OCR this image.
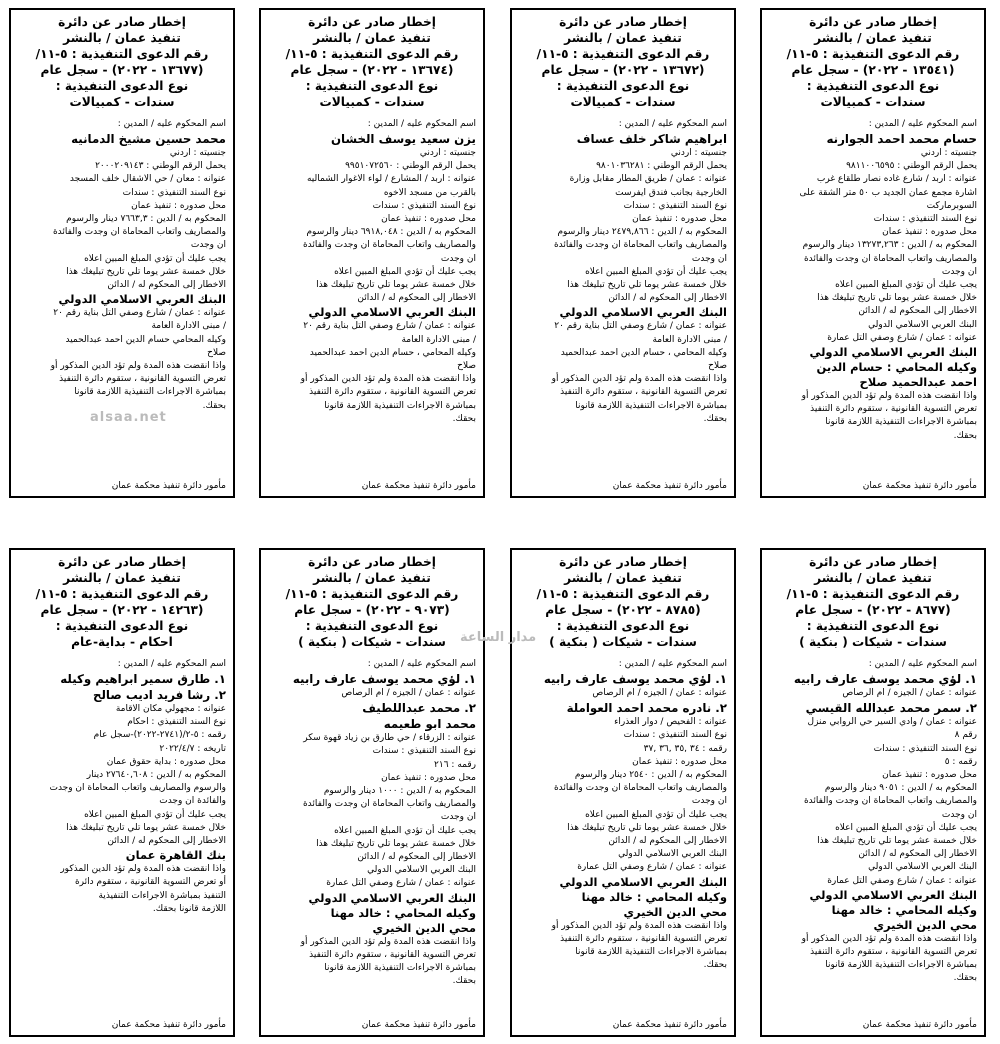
إخطار صادر عن دائرة
تنفيذ عمان / بالنشر
رقم الدعوى التنفيذية : ٥-١١/
(١٣٥٤١ - ٢٠٢٢) - سجل عام
نوع الدعوى التنفيذية :
سندات - كمبيالات
اسم المحكوم عليه / المدين :
حسام محمد احمد الجوارنه
جنسيته : اردني
يحمل الرقم الوطني : ٩٨١١٠٠٦٥٩٥
عنوانه : اربد / شارع غاده نصار طلقاع غرب
اشارة مجمع عمان الجديد ب ٥٠ متر الشقة على
السوبرماركت
نوع السند التنفيذي : سندات
محل صدوره : تنفيذ عمان
المحكوم به / الدين : ١٣٢٧٣,٢٦٣ دينار والرسوم
والمصاريف واتعاب المحاماة ان وجدت والفائدة
ان وجدت
يجب عليك أن تؤدي المبلغ المبين اعلاه
خلال خمسة عشر يوما تلي تاريخ تبليغك هذا
الاخطار إلى المحكوم له / الدائن
البنك العربي الاسلامي الدولي
عنوانه : عمان / شارع وصفي التل عمارة
البنك العربي الاسلامي الدولي
وكيله المحامي : حسام الدين
احمد عبدالحميد صلاح
واذا انقضت هذه المدة ولم تؤد الدين المذكور أو
تعرض التسوية القانونية ، ستقوم دائرة التنفيذ
بمباشرة الاجراءات التنفيذية اللازمة قانونا
بحقك.
مأمور دائرة تنفيذ محكمة عمان
إخطار صادر عن دائرة
تنفيذ عمان / بالنشر
رقم الدعوى التنفيذية : ٥-١١/
(١٣٦٧٢ - ٢٠٢٢) - سجل عام
نوع الدعوى التنفيذية :
سندات - كمبيالات
اسم المحكوم عليه / المدين :
ابراهيم شاكر خلف عساف
جنسيته : اردني
يحمل الرقم الوطني : ٩٨٠١٠٣٦٢٨١
عنوانه : عمان / طريق المطار مقابل وزارة
الخارجية بجانب فندق ايفرست
نوع السند التنفيذي : سندات
محل صدوره : تنفيذ عمان
المحكوم به / الدين : ٢٤٧٩,٨٦٦ دينار والرسوم
والمصاريف واتعاب المحاماة ان وجدت والفائدة
ان وجدت
يجب عليك أن تؤدي المبلغ المبين اعلاه
خلال خمسة عشر يوما تلي تاريخ تبليغك هذا
الاخطار إلى المحكوم له / الدائن
البنك العربي الاسلامي الدولي
عنوانه : عمان / شارع وصفي التل بناية رقم ٢٠
/ مبنى الادارة العامة
وكيله المحامي ، حسام الدين احمد عبدالحميد
صلاح
واذا انقضت هذه المدة ولم تؤد الدين المذكور أو
تعرض التسوية القانونية ، ستقوم دائرة التنفيذ
بمباشرة الاجراءات التنفيذية اللازمة قانونا
بحقك.
مأمور دائرة تنفيذ محكمة عمان
إخطار صادر عن دائرة
تنفيذ عمان / بالنشر
رقم الدعوى التنفيذية : ٥-١١/
(١٣٦٧٤ - ٢٠٢٢) - سجل عام
نوع الدعوى التنفيذية :
سندات - كمبيالات
اسم المحكوم عليه / المدين :
يزن سعيد يوسف الخشان
جنسيته : اردني
يحمل الرقم الوطني : ٩٩٥١٠٧٢٥٦٠
عنوانه : اربد / المشارع / لواء الاغوار الشماليه
بالقرب من مسجد الاخوه
نوع السند التنفيذي : سندات
محل صدوره : تنفيذ عمان
المحكوم به / الدين : ٦٩١٨,٠٤٨ دينار والرسوم
والمصاريف واتعاب المحاماة ان وجدت والفائدة
ان وجدت
يجب عليك أن تؤدي المبلغ المبين اعلاه
خلال خمسة عشر يوما تلي تاريخ تبليغك هذا
الاخطار إلى المحكوم له / الدائن
البنك العربي الاسلامي الدولي
عنوانه : عمان / شارع وصفي التل بناية رقم ٢٠
/ مبنى الادارة العامة
وكيله المحامي ، حسام الدين احمد عبدالحميد
صلاح
واذا انقضت هذه المدة ولم تؤد الدين المذكور أو
تعرض التسوية القانونية ، ستقوم دائرة التنفيذ
بمباشرة الاجراءات التنفيذية اللازمة قانونا
بحقك.
مأمور دائرة تنفيذ محكمة عمان
إخطار صادر عن دائرة
تنفيذ عمان / بالنشر
رقم الدعوى التنفيذية : ٥-١١/
(١٣٦٧٧ - ٢٠٢٢) - سجل عام
نوع الدعوى التنفيذية :
سندات - كمبيالات
اسم المحكوم عليه / المدين :
محمد حسين مشيخ الدمانيه
جنسيته : اردني
يحمل الرقم الوطني : ٢٠٠٠٢٠٩١٤٣
عنوانه : معان / حي الاشقال خلف المسجد
نوع السند التنفيذي : سندات
محل صدوره : تنفيذ عمان
المحكوم به / الدين : ٧٦٦٣,٣ دينار والرسوم
والمصاريف واتعاب المحاماة ان وجدت والفائدة
ان وجدت
يجب عليك أن تؤدي المبلغ المبين اعلاه
خلال خمسة عشر يوما تلي تاريخ تبليغك هذا
الاخطار إلى المحكوم له / الدائن
البنك العربي الاسلامي الدولي
عنوانه : عمان / شارع وصفي التل بناية رقم ٢٠
/ مبنى الادارة العامة
وكيله المحامي حسام الدين احمد عبدالحميد
صلاح
واذا انقضت هذه المدة ولم تؤد الدين المذكور أو
تعرض التسوية القانونية ، ستقوم دائرة التنفيذ
بمباشرة الاجراءات التنفيذية اللازمة قانونا
بحقك.
مأمور دائرة تنفيذ محكمة عمان
إخطار صادر عن دائرة
تنفيذ عمان / بالنشر
رقم الدعوى التنفيذية : ٥-١١/
(٨٦٧٧ - ٢٠٢٢) - سجل عام
نوع الدعوى التنفيذية :
سندات - شيكات ( بنكية )
اسم المحكوم عليه / المدين :
١. لؤي محمد يوسف عارف رابيه
عنوانه : عمان / الجيزه / ام الرصاص
٢. سمر محمد عبدالله القيسي
عنوانه : عمان / وادي السير حي الروابي منزل
رقم ٨
نوع السند التنفيذي : سندات
رقمه : ٥
محل صدوره : تنفيذ عمان
المحكوم به / الدين : ٩٠٥١ دينار والرسوم
والمصاريف واتعاب المحاماة ان وجدت والفائدة
ان وجدت
يجب عليك أن تؤدي المبلغ المبين اعلاه
خلال خمسة عشر يوما تلي تاريخ تبليغك هذا
الاخطار إلى المحكوم له / الدائن
البنك العربي الاسلامي الدولي
عنوانه : عمان / شارع وصفي التل عمارة
البنك العربي الاسلامي الدولي
وكيله المحامي : خالد مهنا
محي الدين الخيري
واذا انقضت هذه المدة ولم تؤد الدين المذكور أو
تعرض التسوية القانونية ، ستقوم دائرة التنفيذ
بمباشرة الاجراءات التنفيذية اللازمة قانونا
بحقك.
مأمور دائرة تنفيذ محكمة عمان
إخطار صادر عن دائرة
تنفيذ عمان / بالنشر
رقم الدعوى التنفيذية : ٥-١١/
(٨٧٨٥ - ٢٠٢٢) - سجل عام
نوع الدعوى التنفيذية :
سندات - شيكات ( بنكية )
اسم المحكوم عليه / المدين :
١. لؤي محمد يوسف عارف رابيه
عنوانه : عمان / الجيزه / ام الرصاص
٢. نادره محمد احمد العواملة
عنوانه : الفحيص / دوار العذراء
نوع السند التنفيذي : سندات
رقمه : ٣٤ ,٣٥ ,٣٦ ,٣٧
محل صدوره : تنفيذ عمان
المحكوم به / الدين : ٢٥٤٠ دينار والرسوم
والمصاريف واتعاب المحاماة ان وجدت والفائدة
ان وجدت
يجب عليك أن تؤدي المبلغ المبين اعلاه
خلال خمسة عشر يوما تلي تاريخ تبليغك هذا
الاخطار إلى المحكوم له / الدائن
البنك العربي الاسلامي الدولي
عنوانه : عمان / شارع وصفي التل عمارة
البنك العربي الاسلامي الدولي
وكيله المحامي : خالد مهنا
محي الدين الخيري
واذا انقضت هذه المدة ولم تؤد الدين المذكور أو
تعرض التسوية القانونية ، ستقوم دائرة التنفيذ
بمباشرة الاجراءات التنفيذية اللازمة قانونا
بحقك.
مأمور دائرة تنفيذ محكمة عمان
إخطار صادر عن دائرة
تنفيذ عمان / بالنشر
رقم الدعوى التنفيذية : ٥-١١/
(٩٠٧٣ - ٢٠٢٢) - سجل عام
نوع الدعوى التنفيذية :
سندات - شيكات ( بنكية )
اسم المحكوم عليه / المدين :
١. لؤي محمد يوسف عارف رابيه
عنوانه : عمان / الجيزه / ام الرصاص
٢. محمد عبداللطيف
محمد ابو طعيمه
عنوانه : الزرقاء / حي طارق بن زياد قهوة سكر
نوع السند التنفيذي : سندات
رقمه : ٢١٦
محل صدوره : تنفيذ عمان
المحكوم به / الدين : ١٠٠٠ دينار والرسوم
والمصاريف واتعاب المحاماة ان وجدت والفائدة
ان وجدت
يجب عليك أن تؤدي المبلغ المبين اعلاه
خلال خمسة عشر يوما تلي تاريخ تبليغك هذا
الاخطار إلى المحكوم له / الدائن
البنك العربي الاسلامي الدولي
عنوانه : عمان / شارع وصفي التل عمارة
البنك العربي الاسلامي الدولي
وكيله المحامي : خالد مهنا
محي الدين الخيري
واذا انقضت هذه المدة ولم تؤد الدين المذكور أو
تعرض التسوية القانونية ، ستقوم دائرة التنفيذ
بمباشرة الاجراءات التنفيذية اللازمة قانونا
بحقك.
مأمور دائرة تنفيذ محكمة عمان
إخطار صادر عن دائرة
تنفيذ عمان / بالنشر
رقم الدعوى التنفيذية : ٥-١١/
(١٤٢٦٣ - ٢٠٢٢) - سجل عام
نوع الدعوى التنفيذية :
احكام - بداية-عام
اسم المحكوم عليه / المدين :
١. طارق سمير ابراهيم وكيله
٢. رشا فريد اديب صالح
عنوانه : مجهولي مكان الاقامة
نوع السند التنفيذي : احكام
رقمه : ٥-٢/(٢٧٤١-٢٠٢٢)-سجل عام
تاريخه : ٢٠٢٢/٤/٧
محل صدوره : بداية حقوق عمان
المحكوم به / الدين : ٢٧٦٤٠,٦٠٨ دينار
والرسوم والمصاريف واتعاب المحاماة ان وجدت
والفائدة ان وجدت
يجب عليك أن تؤدي المبلغ المبين اعلاه
خلال خمسة عشر يوما تلي تاريخ تبليغك هذا
الاخطار إلى المحكوم له / الدائن
بنك القاهرة عمان
واذا انقضت هذه المدة ولم تؤد الدين المذكور
أو تعرض التسوية القانونية ، ستقوم دائرة
التنفيذ بمباشرة الاجراءات التنفيذية
اللازمة قانونا بحقك.
مأمور دائرة تنفيذ محكمة عمان
alsaa.net
مدار الساعة
